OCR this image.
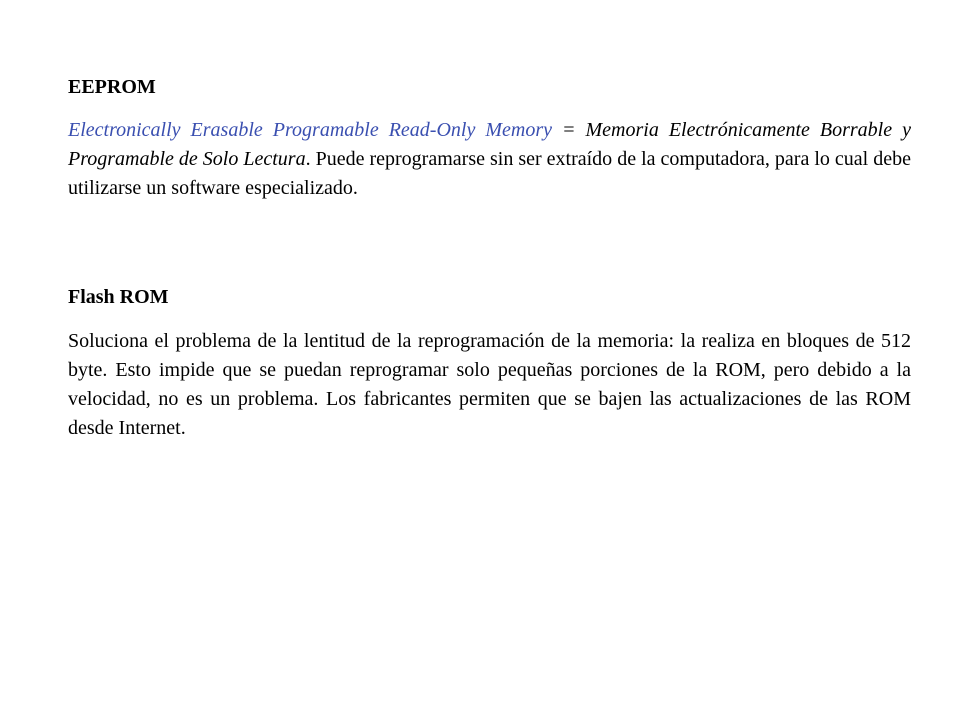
EEPROM

Electronically Erasable Programable Read-Only Memory = Memoria Electrónicamente Borrable y Programable de Solo Lectura. Puede reprogramarse sin ser extraído de la computadora, para lo cual debe utilizarse un software especializado.

Flash ROM

Soluciona el problema de la lentitud de la reprogramación de la memoria: la realiza en bloques de 512 byte. Esto impide que se puedan reprogramar solo pequeñas porciones de la ROM, pero debido a la velocidad, no es un problema. Los fabricantes permiten que se bajen las actualizaciones de las ROM desde Internet.
